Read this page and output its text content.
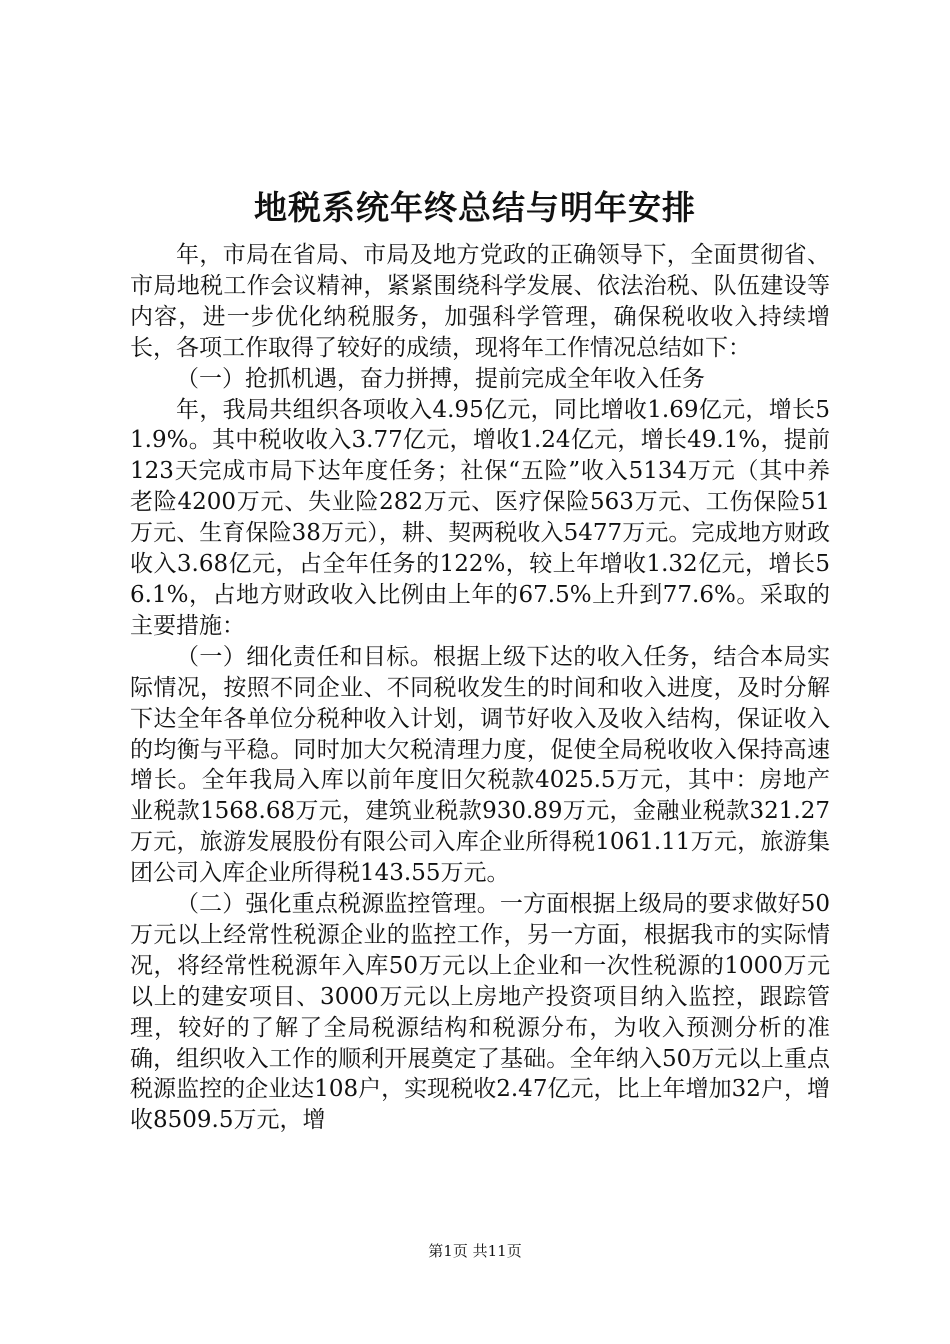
地税系统年终总结与明年安排

年，市局在省局、市局及地方党政的正确领导下，全面贯彻省、市局地税工作会议精神，紧紧围绕科学发展、依法治税、队伍建设等内容，进一步优化纳税服务，加强科学管理，确保税收收入持续增长，各项工作取得了较好的成绩，现将年工作情况总结如下：

（一）抢抓机遇，奋力拼搏，提前完成全年收入任务

年，我局共组织各项收入4.95亿元，同比增收1.69亿元，增长51.9%。其中税收收入3.77亿元，增收1.24亿元，增长49.1%，提前123天完成市局下达年度任务；社保“五险”收入5134万元（其中养老险4200万元、失业险282万元、医疗保险563万元、工伤保险51万元、生育保险38万元），耕、契两税收入5477万元。完成地方财政收入3.68亿元，占全年任务的122%，较上年增收1.32亿元，增长56.1%，占地方财政收入比例由上年的67.5%上升到77.6%。采取的主要措施：

（一）细化责任和目标。根据上级下达的收入任务，结合本局实际情况，按照不同企业、不同税收发生的时间和收入进度，及时分解下达全年各单位分税种收入计划，调节好收入及收入结构，保证收入的均衡与平稳。同时加大欠税清理力度，促使全局税收收入保持高速增长。全年我局入库以前年度旧欠税款4025.5万元，其中：房地产业税款1568.68万元，建筑业税款930.89万元，金融业税款321.27万元，旅游发展股份有限公司入库企业所得税1061.11万元，旅游集团公司入库企业所得税143.55万元。

（二）强化重点税源监控管理。一方面根据上级局的要求做好50万元以上经常性税源企业的监控工作，另一方面，根据我市的实际情况，将经常性税源年入库50万元以上企业和一次性税源的1000万元以上的建安项目、3000万元以上房地产投资项目纳入监控，跟踪管理，较好的了解了全局税源结构和税源分布，为收入预测分析的准确，组织收入工作的顺利开展奠定了基础。全年纳入50万元以上重点税源监控的企业达108户，实现税收2.47亿元，比上年增加32户，增收8509.5万元，增

第1页 共11页
